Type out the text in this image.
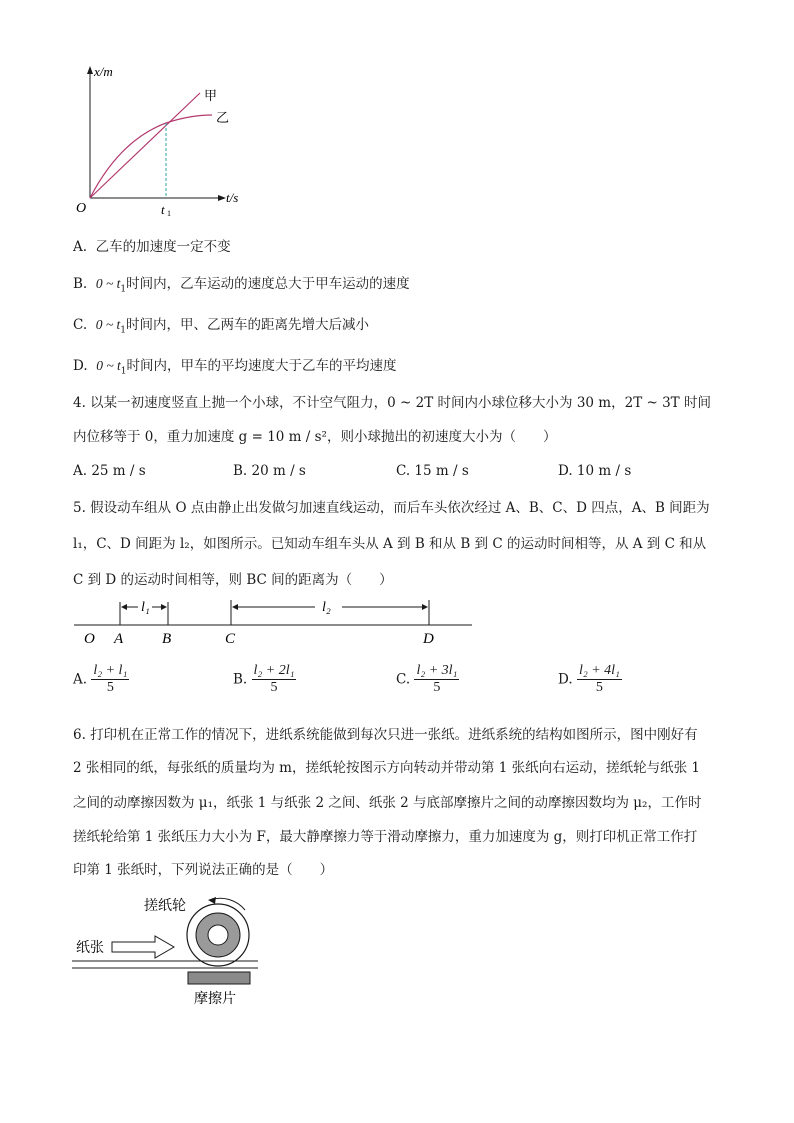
x/m
t/s
O	t 1
甲
乙
A. 乙车的加速度一定不变
B. 0 ~ $t_1$时间内，乙车运动的速度总大于甲车运动的速度
C. 0 ~ $t_1$时间内，甲、乙两车的距离先增大后减小
D. 0 ~ $t_1$时间内，甲车的平均速度大于乙车的平均速度
4. 以某一初速度竖直上抛一个小球，不计空气阻力，0 ~ 2T 时间内小球位移大小为 30 m，2T ~ 3T 时间
内位移等于 0，重力加速度 g = 10 m / s²，则小球抛出的初速度大小为（　　）
A. 25 m / s	B. 20 m / s	C. 15 m / s	D. 10 m / s
5. 假设动车组从 O 点由静止出发做匀加速直线运动，而后车头依次经过 A、B、C、D 四点，A、B 间距为
l₁，C、D 间距为 l₂，如图所示。已知动车组车头从 A 到 B 和从 B 到 C 的运动时间相等，从 A 到 C 和从
C 到 D 的运动时间相等，则 BC 间的距离为（　　）
l₁	l₂
O A	B	C	D
A. $\frac{\text{l₂ + l₁}}{5}$	B. $\frac{\text{l₂ + 2l₁}}{5}$	C. $\frac{\text{l₂ + 3l₁}}{5}$	D. $\frac{\text{l₂ + 4l₁}}{5}$
6. 打印机在正常工作的情况下，进纸系统能做到每次只进一张纸。进纸系统的结构如图所示，图中刚好有
2 张相同的纸，每张纸的质量均为 m，搓纸轮按图示方向转动并带动第 1 张纸向右运动，搓纸轮与纸张 1
之间的动摩擦因数为 μ₁，纸张 1 与纸张 2 之间、纸张 2 与底部摩擦片之间的动摩擦因数均为 μ₂，工作时
搓纸轮给第 1 张纸压力大小为 F，最大静摩擦力等于滑动摩擦力，重力加速度为 g，则打印机正常工作打
印第 1 张纸时，下列说法正确的是（　　）
搓纸轮
纸张
摩擦片
